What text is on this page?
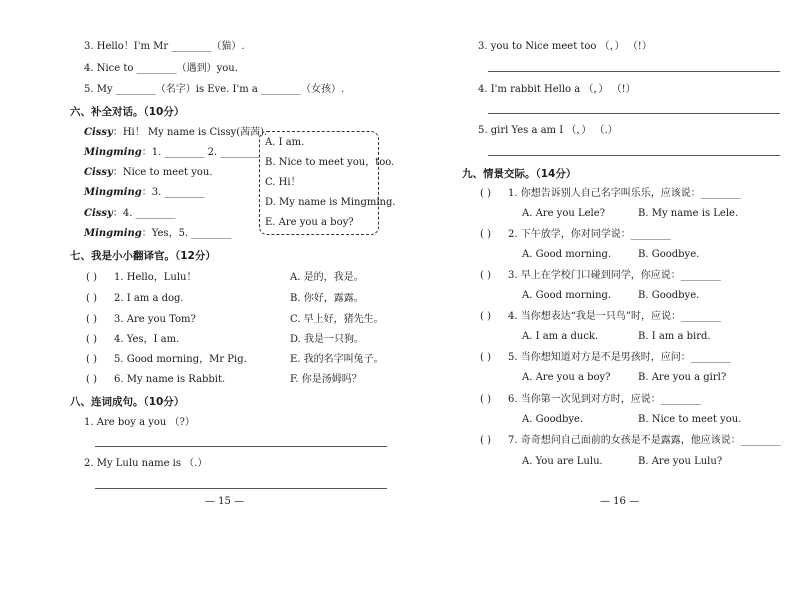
3. Hello！I'm Mr ________（猫）.
4. Nice to ________（遇到）you.
5. My ________（名字）is Eve. I'm a ________（女孩）.
六、补全对话。（10分）
Cissy：Hi！ My name is Cissy(茜茜).
Mingming：1. ________ 2. ________
Cissy：Nice to meet you.
Mingming：3. ________
Cissy：4. ________
Mingming：Yes，5. ________
A. I am.
B. Nice to meet you，too.
C. Hi！
D. My name is Mingming.
E. Are you a boy?
七、我是小小翻译官。（12分）
( ) 1. Hello，Lulu！	A. 是的，我是。
( ) 2. I am a dog.	B. 你好，露露。
( ) 3. Are you Tom?	C. 早上好，猪先生。
( ) 4. Yes，I am.	D. 我是一只狗。
( ) 5. Good morning，Mr Pig.	E. 我的名字叫兔子。
( ) 6. My name is Rabbit.	F. 你是汤姆吗？
八、连词成句。（10分）
1. Are boy a you （?）
2. My Lulu name is （.）
— 15 —
3. you to Nice meet too （，） （!）
4. I'm rabbit Hello a （，） （!）
5. girl Yes a am I （，） （.）
九、情景交际。（14分）
( ) 1. 你想告诉别人自己名字叫乐乐，应该说：________
A. Are you Lele?	B. My name is Lele.
( ) 2. 下午放学，你对同学说：________
A. Good morning.	B. Goodbye.
( ) 3. 早上在学校门口碰到同学，你应说：________
A. Good morning.	B. Goodbye.
( ) 4. 当你想表达“我是一只鸟”时，应说：________
A. I am a duck.	B. I am a bird.
( ) 5. 当你想知道对方是不是男孩时，应问：________
A. Are you a boy?	B. Are you a girl?
( ) 6. 当你第一次见到对方时，应说：________
A. Goodbye.	B. Nice to meet you.
( ) 7. 奇奇想问自己面前的女孩是不是露露，他应该说：________
A. You are Lulu.	B. Are you Lulu?
— 16 —
